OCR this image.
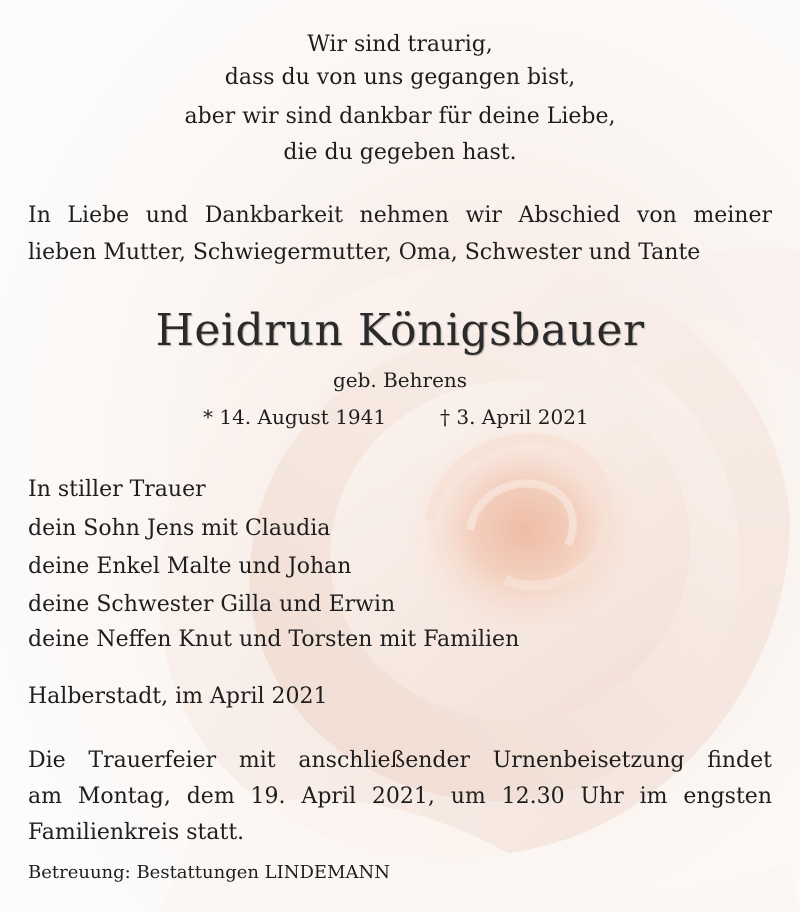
Wir sind traurig,
dass du von uns gegangen bist,
aber wir sind dankbar für deine Liebe,
die du gegeben hast.
In Liebe und Dankbarkeit nehmen wir Abschied von meiner
lieben Mutter, Schwiegermutter, Oma, Schwester und Tante
Heidrun Königsbauer
geb. Behrens
* 14. August 1941	† 3. April 2021
In stiller Trauer
dein Sohn Jens mit Claudia
deine Enkel Malte und Johan
deine Schwester Gilla und Erwin
deine Neffen Knut und Torsten mit Familien
Halberstadt, im April 2021
Die Trauerfeier mit anschließender Urnenbeisetzung findet
am Montag, dem 19. April 2021, um 12.30 Uhr im engsten
Familienkreis statt.
Betreuung: Bestattungen LINDEMANN
